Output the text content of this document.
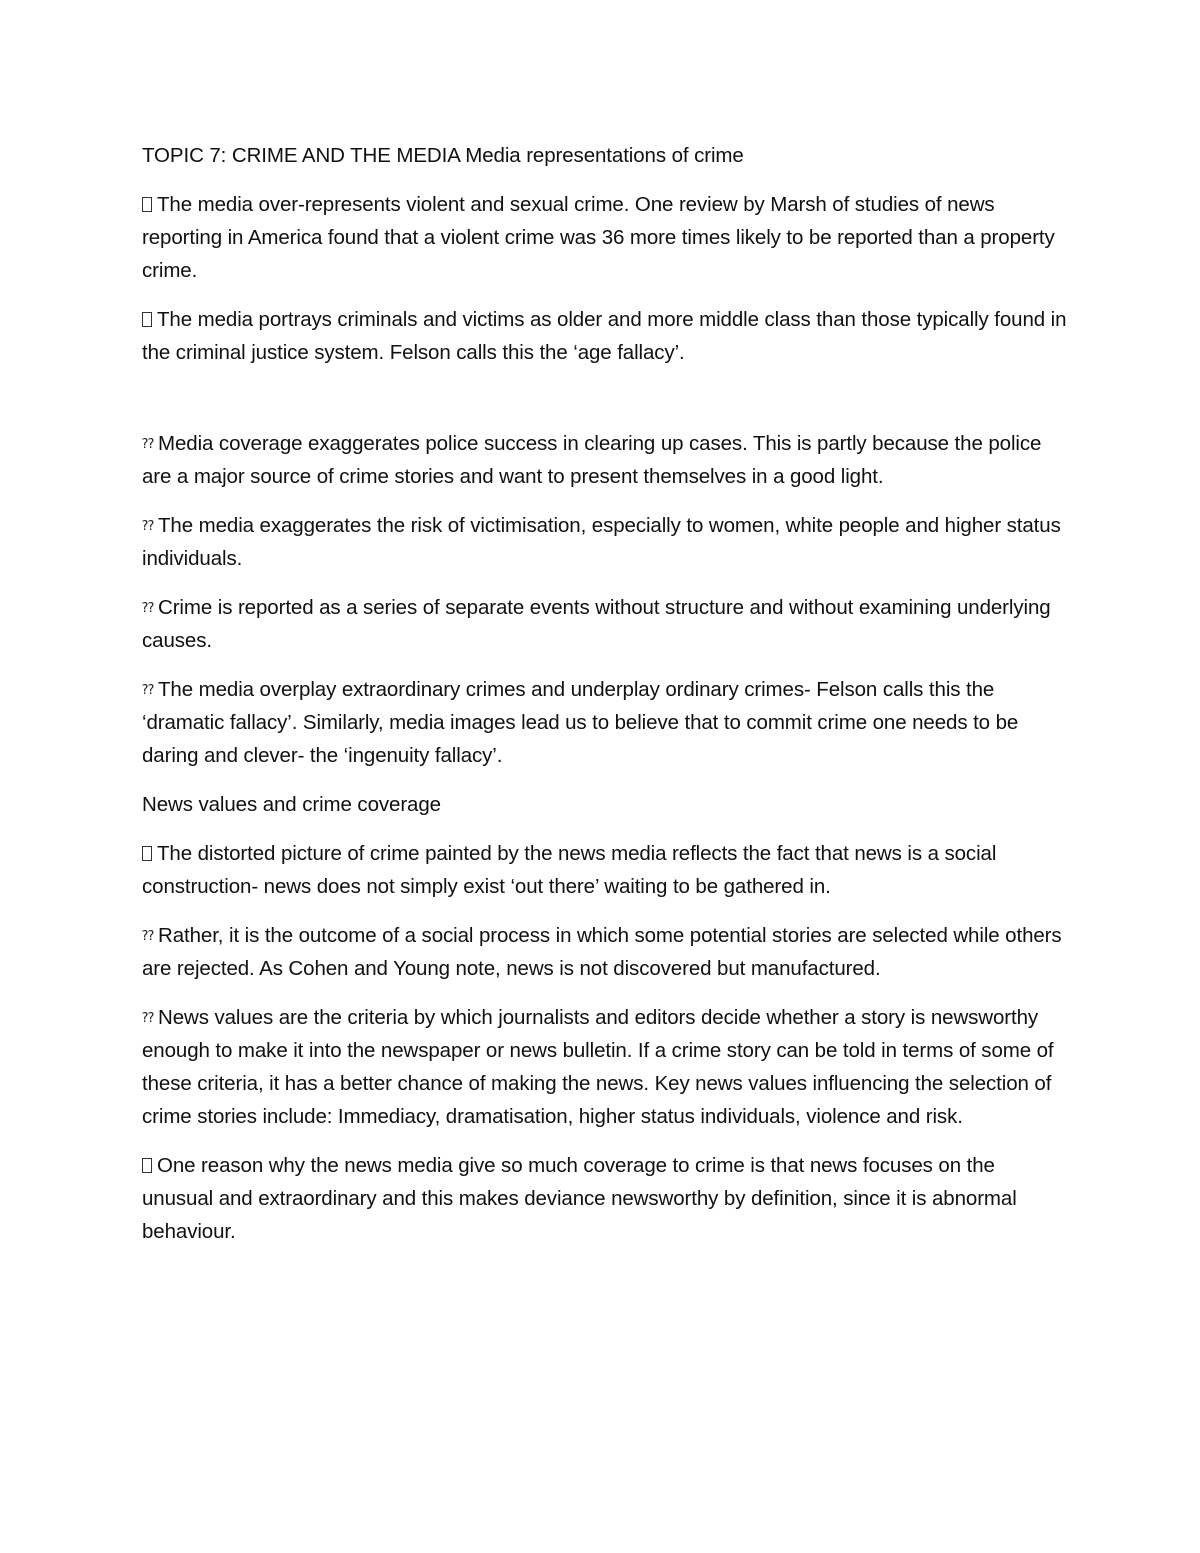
TOPIC 7: CRIME AND THE MEDIA Media representations of crime

The media over-represents violent and sexual crime. One review by Marsh of studies of news reporting in America found that a violent crime was 36 more times likely to be reported than a property crime.

The media portrays criminals and victims as older and more middle class than those typically found in the criminal justice system. Felson calls this the ‘age fallacy’.

⁇ Media coverage exaggerates police success in clearing up cases. This is partly because the police are a major source of crime stories and want to present themselves in a good light.

⁇ The media exaggerates the risk of victimisation, especially to women, white people and higher status individuals.

⁇ Crime is reported as a series of separate events without structure and without examining underlying causes.

⁇ The media overplay extraordinary crimes and underplay ordinary crimes- Felson calls this the ‘dramatic fallacy’. Similarly, media images lead us to believe that to commit crime one needs to be daring and clever- the ‘ingenuity fallacy’.

News values and crime coverage

The distorted picture of crime painted by the news media reflects the fact that news is a social construction- news does not simply exist ‘out there’ waiting to be gathered in.

⁇ Rather, it is the outcome of a social process in which some potential stories are selected while others are rejected. As Cohen and Young note, news is not discovered but manufactured.

⁇ News values are the criteria by which journalists and editors decide whether a story is newsworthy enough to make it into the newspaper or news bulletin. If a crime story can be told in terms of some of these criteria, it has a better chance of making the news. Key news values influencing the selection of crime stories include: Immediacy, dramatisation, higher status individuals, violence and risk.

One reason why the news media give so much coverage to crime is that news focuses on the unusual and extraordinary and this makes deviance newsworthy by definition, since it is abnormal behaviour.
